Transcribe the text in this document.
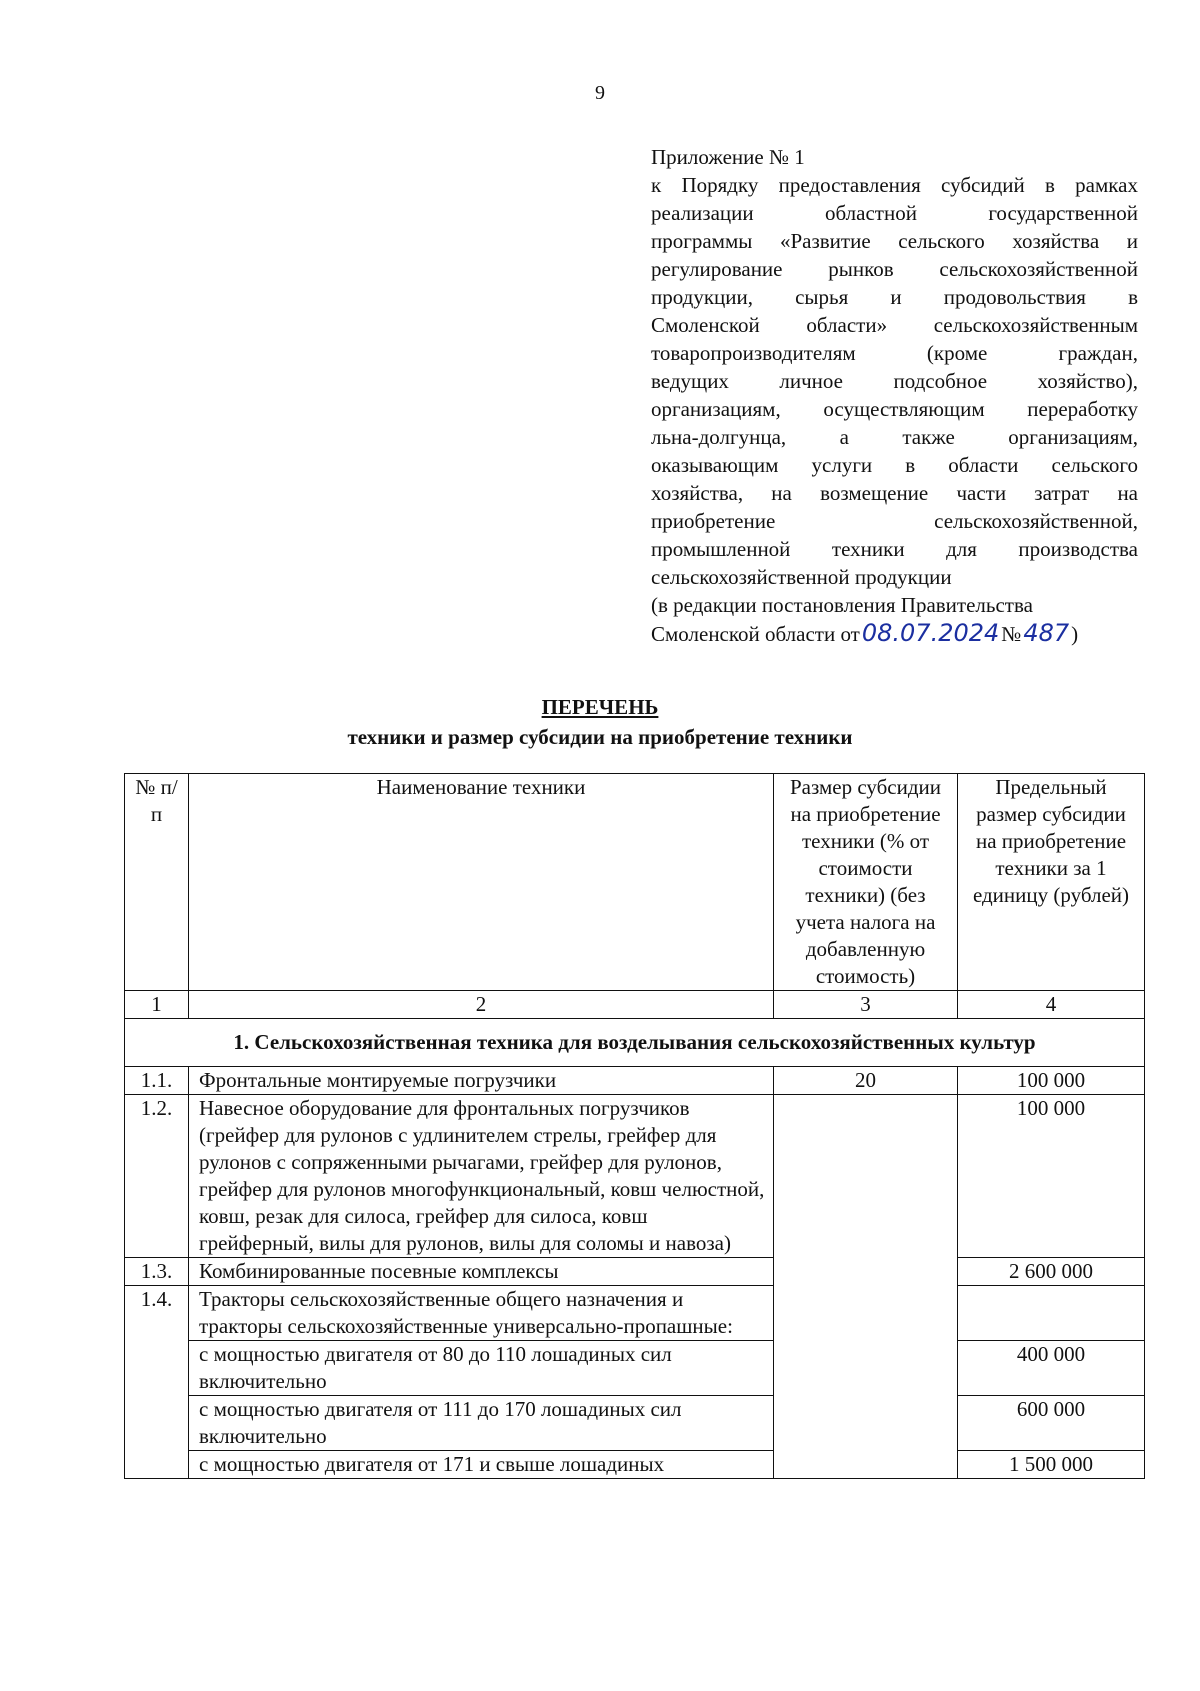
9
Приложение № 1
к Порядку предоставления субсидий в рамках
реализации областной государственной
программы «Развитие сельского хозяйства и
регулирование рынков сельскохозяйственной
продукции, сырья и продовольствия в
Смоленской области» сельскохозяйственным
товаропроизводителям (кроме граждан,
ведущих личное подсобное хозяйство),
организациям, осуществляющим переработку
льна-долгунца, а также организациям,
оказывающим услуги в области сельского
хозяйства, на возмещение части затрат на
приобретение сельскохозяйственной,
промышленной техники для производства
сельскохозяйственной продукции
(в редакции постановления Правительства
Смоленской области от08.07.2024№487)
ПЕРЕЧЕНЬ
техники и размер субсидии на приобретение техники
№ п/п	Наименование техники	Размер субсидии на приобретение техники (% от стоимости техники) (без учета налога на добавленную стоимость)	Предельный размер субсидии на приобретение техники за 1 единицу (рублей)
1	2	3	4
1. Сельскохозяйственная техника для возделывания сельскохозяйственных культур			
1.1.	Фронтальные монтируемые погрузчики	20	100 000
1.2.	Навесное оборудование для фронтальных погрузчиков (грейфер для рулонов с удлинителем стрелы, грейфер для рулонов с сопряженными рычагами, грейфер для рулонов, грейфер для рулонов многофункциональный, ковш челюстной, ковш, резак для силоса, грейфер для силоса, ковш грейферный, вилы для рулонов, вилы для соломы и навоза)		100 000
1.3.	Комбинированные посевные комплексы		2 600 000
1.4.	Тракторы сельскохозяйственные общего назначения и тракторы сельскохозяйственные универсально-пропашные:		
	с мощностью двигателя от 80 до 110 лошадиных сил включительно		400 000
	с мощностью двигателя от 111 до 170 лошадиных сил включительно		600 000
	с мощностью двигателя от 171 и свыше лошадиных		1 500 000
